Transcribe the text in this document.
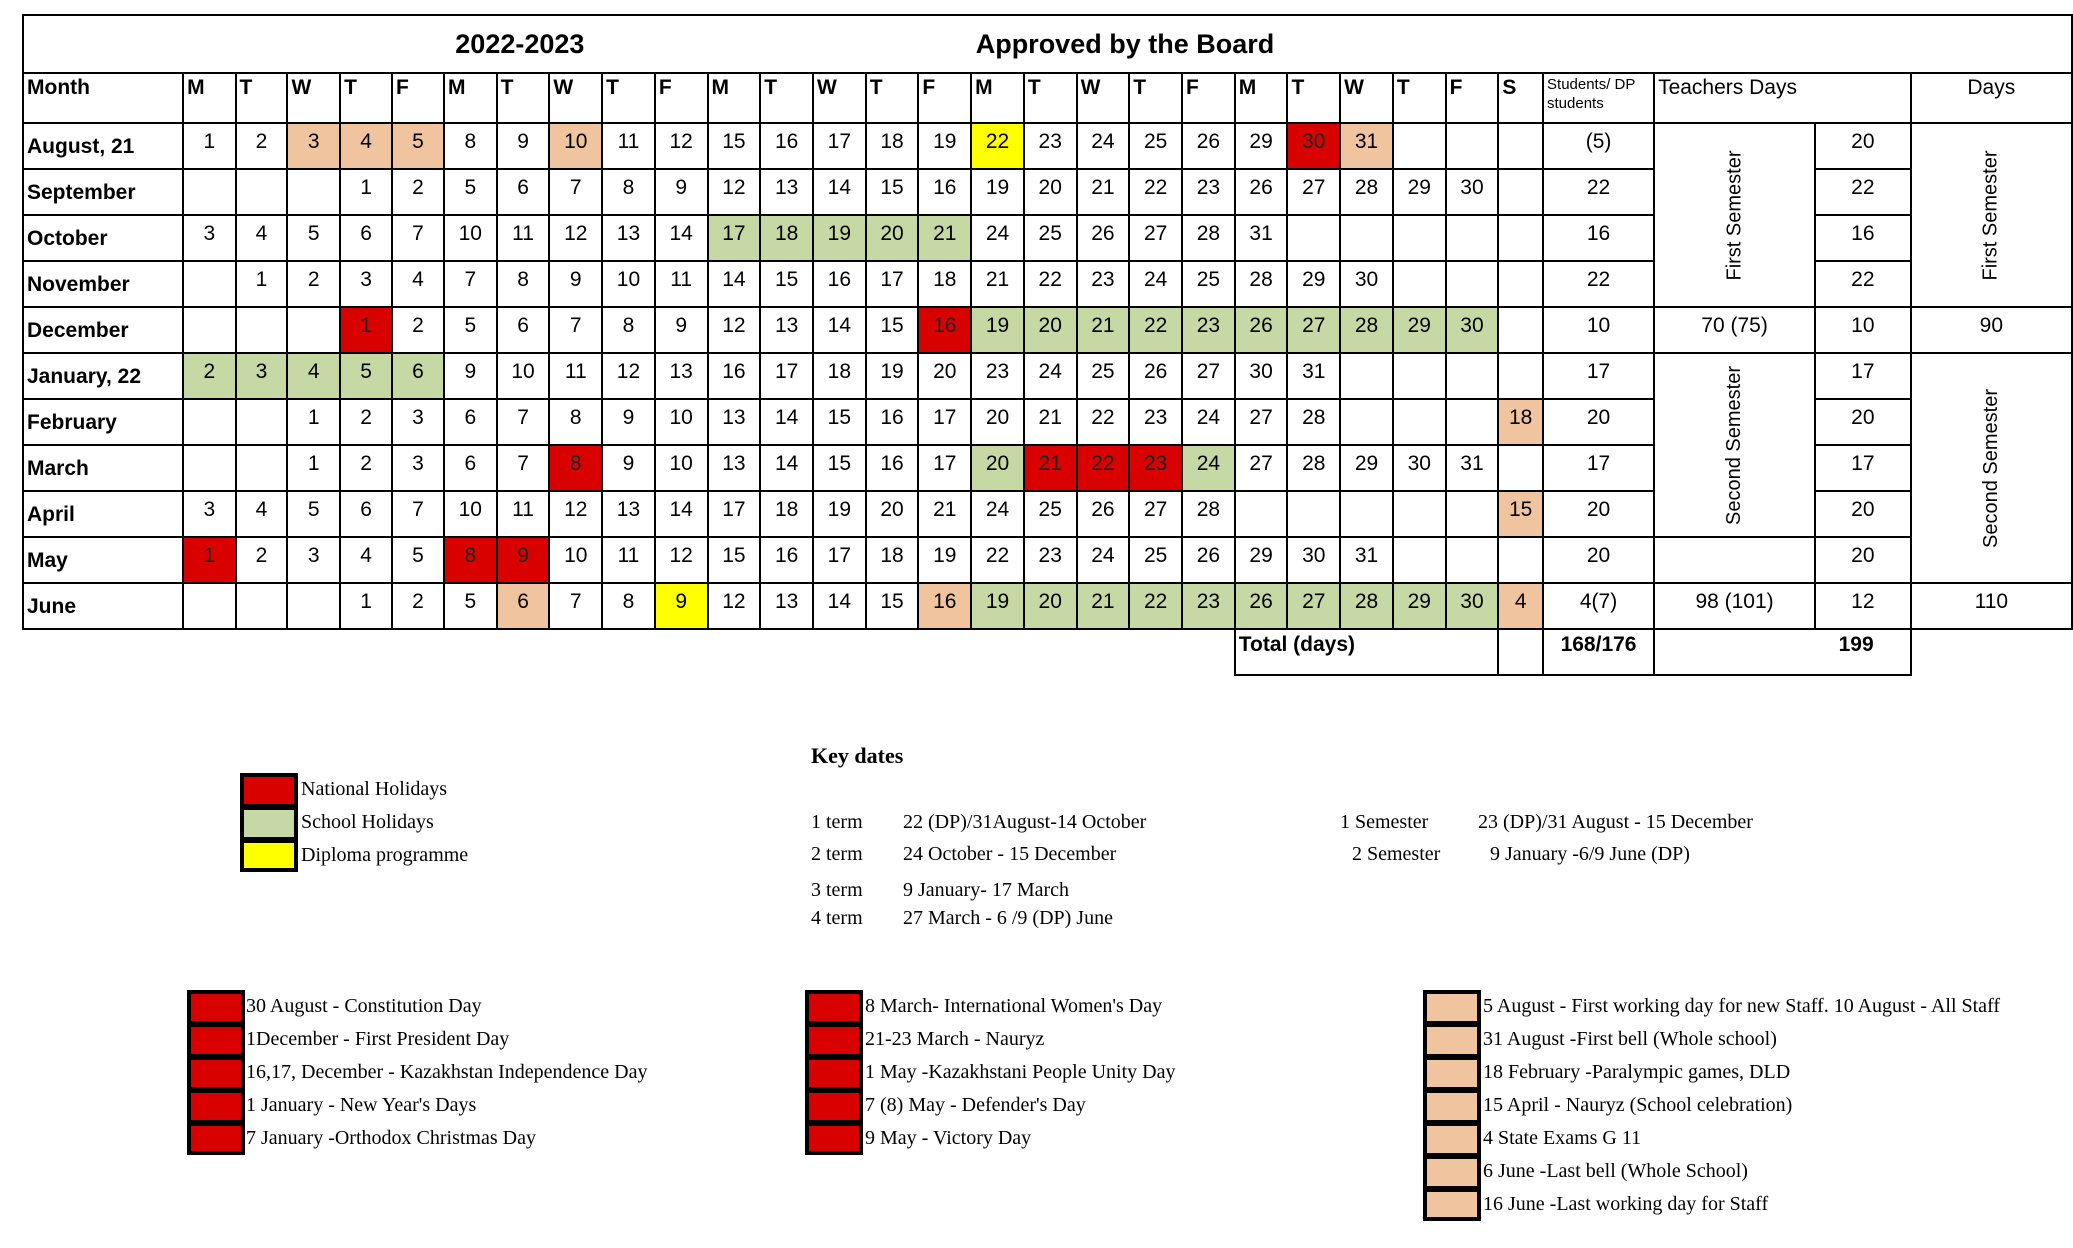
2022-2023														Approved by the Board																
Month	M	T	W	T	F	M	T	W	T	F	M	T	W	T	F	M	T	W	T	F	M	T	W	T	F	S	Students/ DP students	Teachers Days		Days
August, 21	1	2	3	4	5	8	9	10	11	12	15	16	17	18	19	22	23	24	25	26	29	30	31				(5)	First Semester	20	First Semester
September				1	2	5	6	7	8	9	12	13	14	15	16	19	20	21	22	23	26	27	28	29	30		22		22	
October	3	4	5	6	7	10	11	12	13	14	17	18	19	20	21	24	25	26	27	28	31						16		16	
November		1	2	3	4	7	8	9	10	11	14	15	16	17	18	21	22	23	24	25	28	29	30				22		22	
December				1	2	5	6	7	8	9	12	13	14	15	16	19	20	21	22	23	26	27	28	29	30		10	70 (75)	10	90
January, 22	2	3	4	5	6	9	10	11	12	13	16	17	18	19	20	23	24	25	26	27	30	31					17	Second Semester	17	Second Semester
February			1	2	3	6	7	8	9	10	13	14	15	16	17	20	21	22	23	24	27	28				18	20		20	
March			1	2	3	6	7	8	9	10	13	14	15	16	17	20	21	22	23	24	27	28	29	30	31		17		17	
April	3	4	5	6	7	10	11	12	13	14	17	18	19	20	21	24	25	26	27	28						15	20		20	
May	1	2	3	4	5	8	9	10	11	12	15	16	17	18	19	22	23	24	25	26	29	30	31				20		20	
June				1	2	5	6	7	8	9	12	13	14	15	16	19	20	21	22	23	26	27	28	29	30	4	4(7)	98 (101)	12	110
																					Total (days)						168/176	199		
National Holidays
School Holidays
Diploma programme
Key dates
1 term	22 (DP)/31August-14 October
2 term	24 October - 15 December
3 term	9 January- 17 March
4 term	27 March - 6 /9 (DP) June
1 Semester	23 (DP)/31 August - 15 December
2 Semester	9 January -6/9 June (DP)
30 August - Constitution Day
1December - First President Day
16,17, December - Kazakhstan Independence Day
1 January - New Year's Days
7 January -Orthodox Christmas Day
8 March- International Women's Day
21-23 March - Nauryz
1 May -Kazakhstani People Unity Day
7 (8) May - Defender's Day
9 May - Victory Day
5 August - First working day for new Staff. 10 August - All Staff
31 August -First bell (Whole school)
18 February -Paralympic games, DLD
15 April - Nauryz (School celebration)
4 State Exams G 11
6 June -Last bell (Whole School)
16 June -Last working day for Staff
